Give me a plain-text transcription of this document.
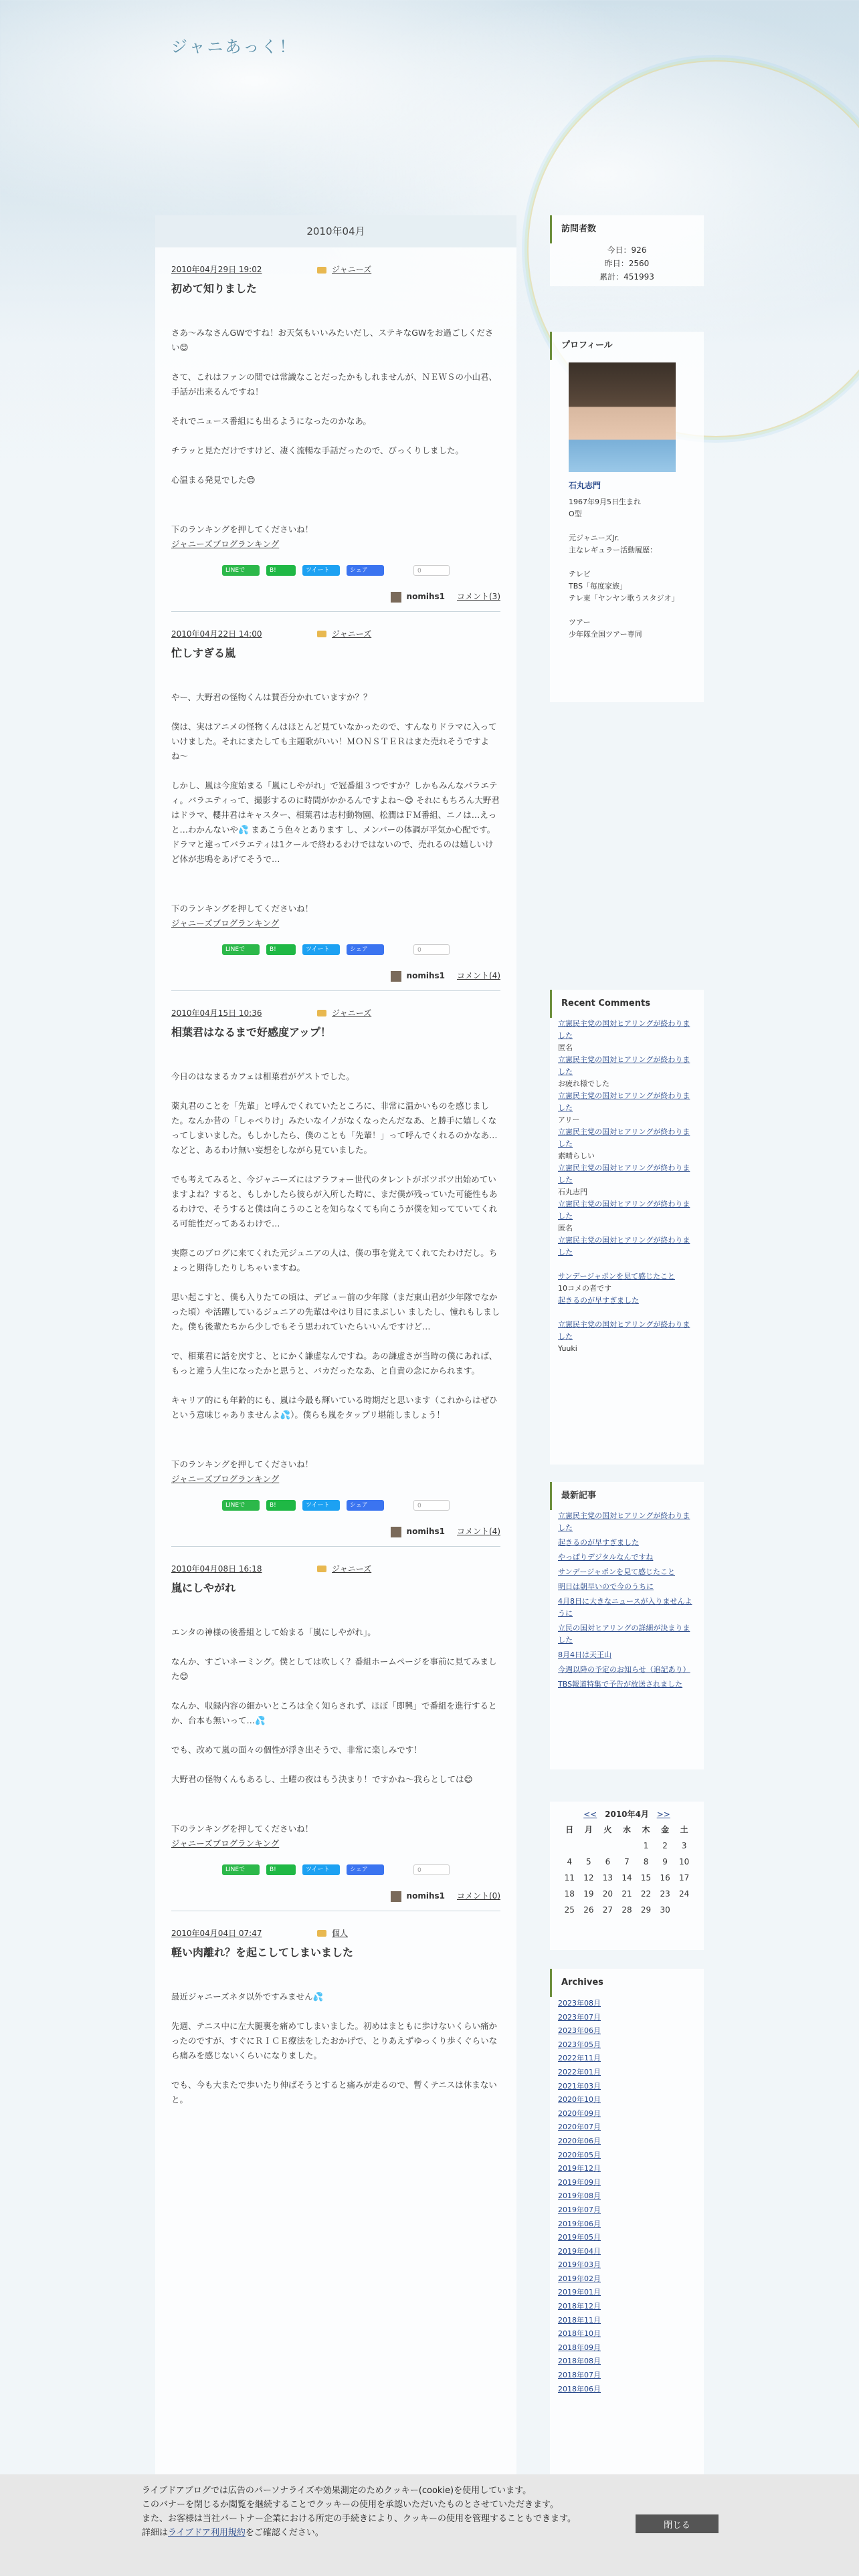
ジャニあっく！
2010年04月
2010年04月29日 19:02	ジャニーズ
初めて知りました

さあ〜みなさんGWですね！お天気もいいみたいだし、ステキなGWをお過ごしください😊

さて、これはファンの間では常識なことだったかもしれませんが、ＮＥＷＳの小山君、手話が出来るんですね！

それでニュース番組にも出るようになったのかなあ。

チラッと見ただけですけど、凄く流暢な手話だったので、びっくりしました。

心温まる発見でした😊

下のランキングを押してくださいね！
ジャニーズブログランキング
LINEで	B!	ツイート	シェア	0
nomihs1 コメント(3)
2010年04月22日 14:00	ジャニーズ
忙しすぎる嵐

やー、大野君の怪物くんは賛否分かれていますか？？

僕は、実はアニメの怪物くんはほとんど見ていなかったので、すんなりドラマに入っていけました。それにまたしても主題歌がいい！ＭＯＮＳＴＥＲはまた売れそうですよね〜

しかし、嵐は今度始まる「嵐にしやがれ」で冠番組３つですか？しかもみんなバラエティ。バラエティって、撮影するのに時間がかかるんですよね〜😊 それにもちろん大野君はドラマ、櫻井君はキャスター、相葉君は志村動物園、松潤はＦＭ番組、ニノは…えっと…わかんないや💦 まあこう色々とあります し、メンバーの体調が平気か心配です。ドラマと違ってバラエティは1クールで終わるわけではないので、売れるのは嬉しいけど体が悲鳴をあげてそうで…

下のランキングを押してくださいね！
ジャニーズブログランキング
LINEで	B!	ツイート	シェア	0
nomihs1 コメント(4)
2010年04月15日 10:36	ジャニーズ
相葉君はなるまで好感度アップ！

今日のはなまるカフェは相葉君がゲストでした。

薬丸君のことを「先輩」と呼んでくれていたところに、非常に温かいものを感じました。なんか昔の「しゃべりけ」みたいなイノがなくなったんだなあ、と勝手に嬉しくなってしまいました。もしかしたら、僕のことも「先輩！」って呼んでくれるのかなあ…などと、あるわけ無い妄想をしながら見ていました。

でも考えてみると、今ジャニーズにはアラフォー世代のタレントがボツボツ出始めていますよね？すると、もしかしたら彼らが入所した時に、まだ僕が残っていた可能性もあるわけで、そうすると僕は向こうのことを知らなくても向こうが僕を知ってていてくれる可能性だってあるわけで…

実際このブログに来てくれた元ジュニアの人は、僕の事を覚えてくれてたわけだし。ちょっと期待したりしちゃいますね。

思い起こすと、僕も入りたての頃は、デビュー前の少年隊（まだ東山君が少年隊でなかった頃）や活躍しているジュニアの先輩はやはり目にまぶしい ましたし、憧れもしました。僕も後輩たちから少しでもそう思われていたらいいんですけど…

で、相葉君に話を戻すと、とにかく謙虚なんですね。あの謙虚さが当時の僕にあれば、もっと違う人生になったかと思うと、バカだったなあ、と自責の念にかられます。

キャリア的にも年齢的にも、嵐は今最も輝いている時期だと思います（これからはぜひという意味じゃありませんよ💦）。僕らも嵐をタップリ堪能しましょう！

下のランキングを押してくださいね！
ジャニーズブログランキング
LINEで	B!	ツイート	シェア	0
nomihs1 コメント(4)
2010年04月08日 16:18	ジャニーズ
嵐にしやがれ

エンタの神様の後番組として始まる「嵐にしやがれ」。

なんか、すごいネーミング。僕としては吹しく？番組ホームページを事前に見てみました😊

なんか、収録内容の細かいところは全く知らされず、ほぼ「即興」で番組を進行するとか、台本も無いって…💦

でも、改めて嵐の面々の個性が浮き出そうで、非常に楽しみです！

大野君の怪物くんもあるし、土曜の夜はもう決まり！ですかね〜我らとしては😊

下のランキングを押してくださいね！
ジャニーズブログランキング
LINEで	B!	ツイート	シェア	0
nomihs1 コメント(0)
2010年04月04日 07:47	個人
軽い肉離れ？を起こしてしまいました

最近ジャニーズネタ以外ですみません💦

先週、テニス中に左大腿裏を痛めてしまいました。初めはまともに歩けないくらい痛かったのですが、すぐにＲＩＣＥ療法をしたおかげで、とりあえずゆっくり歩くぐらいなら痛みを感じないくらいになりました。

でも、今も大またで歩いたり伸ばそうとすると痛みが走るので、暫くテニスは休まないと。

訪問者数
今日：926
昨日：2560
累計：451993
プロフィール
石丸志門
1967年9月5日生まれ
O型
元ジャニーズJr.
主なレギュラー活動履歴：
テレビ
TBS「毎度家族」
テレ東「ヤンヤン歌うスタジオ」
ツアー
少年隊全国ツアー専同
Recent Comments
立憲民主党の国対ヒアリングが終わりました
匿名
立憲民主党の国対ヒアリングが終わりました
お疲れ様でした
立憲民主党の国対ヒアリングが終わりました
アリー
立憲民主党の国対ヒアリングが終わりました
素晴らしい
立憲民主党の国対ヒアリングが終わりました
石丸志門
立憲民主党の国対ヒアリングが終わりました
匿名
立憲民主党の国対ヒアリングが終わりました
サンデージャポンを見て感じたこと
10コメの者です
起きるのが早すぎました
立憲民主党の国対ヒアリングが終わりました
Yuuki
最新記事
立憲民主党の国対ヒアリングが終わりました
起きるのが早すぎました
やっぱりデジタルなんですね
サンデージャポンを見て感じたこと
明日は朝早いので今のうちに
4月8日に大きなニュースが入りませんように
立民の国対ヒアリングの詳細が決まりました
8月4日は天王山
今週以降の予定のお知らせ（追記あり）
TBS報道特集で予告が放送されました
<< 2010年4月 >>
日	月	火	水	木	金	土
				1	2	3
4	5	6	7	8	9	10
11	12	13	14	15	16	17
18	19	20	21	22	23	24
25	26	27	28	29	30	
Archives
2023年08月
2023年07月
2023年06月
2023年05月
2022年11月
2022年01月
2021年03月
2020年10月
2020年09月
2020年07月
2020年06月
2020年05月
2019年12月
2019年09月
2019年08月
2019年07月
2019年06月
2019年05月
2019年04月
2019年03月
2019年02月
2019年01月
2018年12月
2018年11月
2018年10月
2018年09月
2018年08月
2018年07月
2018年06月
ライブドアブログでは広告のパーソナライズや効果測定のためクッキー(cookie)を使用しています。
このバナーを閉じるか閲覧を継続することでクッキーの使用を承認いただいたものとさせていただきます。
また、お客様は当社パートナー企業における所定の手続きにより、クッキーの使用を管理することもできます。
詳細はライブドア利用規約をご確認ください。
閉じる
